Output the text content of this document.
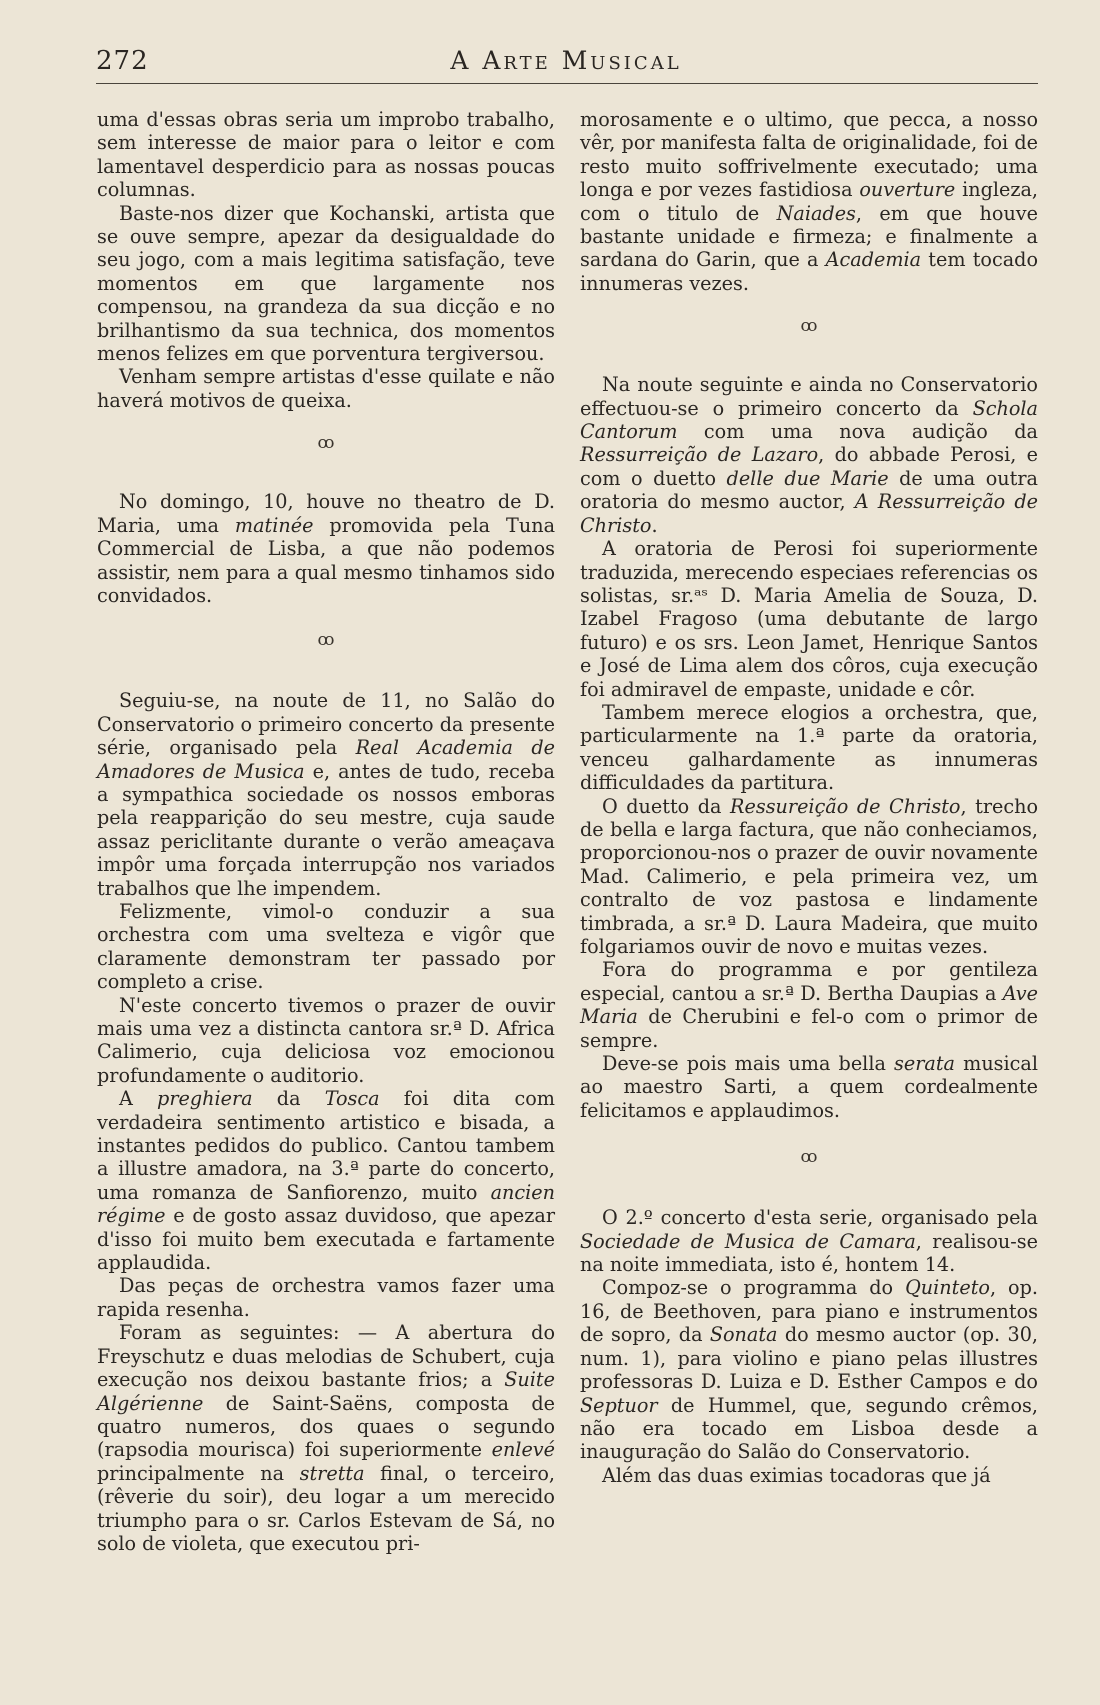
272	A Arte Musical

uma d'essas obras seria um improbo trabalho, sem interesse de maior para o leitor e com lamentavel desperdicio para as nossas poucas columnas.

Baste-nos dizer que Kochanski, artista que se ouve sempre, apezar da desigualdade do seu jogo, com a mais legitima satisfação, teve momentos em que largamente nos compensou, na grandeza da sua dicção e no brilhantismo da sua technica, dos momentos menos felizes em que porventura tergiversou.

Venham sempre artistas d'esse quilate e não haverá motivos de queixa.

ꝏ

No domingo, 10, houve no theatro de D. Maria, uma matinée promovida pela Tuna Commercial de Lisba, a que não podemos assistir, nem para a qual mesmo tinhamos sido convidados.

ꝏ

Seguiu-se, na noute de 11, no Salão do Conservatorio o primeiro concerto da presente série, organisado pela Real Academia de Amadores de Musica e, antes de tudo, receba a sympathica sociedade os nossos emboras pela reapparição do seu mestre, cuja saude assaz periclitante durante o verão ameaçava impôr uma forçada interrupção nos variados trabalhos que lhe impendem.

Felizmente, vimol-o conduzir a sua orchestra com uma svelteza e vigôr que claramente demonstram ter passado por completo a crise.

N'este concerto tivemos o prazer de ouvir mais uma vez a distincta cantora sr.ª D. Africa Calimerio, cuja deliciosa voz emocionou profundamente o auditorio.

A preghiera da Tosca foi dita com verdadeira sentimento artistico e bisada, a instantes pedidos do publico. Cantou tambem a illustre amadora, na 3.ª parte do concerto, uma romanza de Sanfiorenzo, muito ancien régime e de gosto assaz duvidoso, que apezar d'isso foi muito bem executada e fartamente applaudida.

Das peças de orchestra vamos fazer uma rapida resenha.

Foram as seguintes: — A abertura do Freyschutz e duas melodias de Schubert, cuja execução nos deixou bastante frios; a Suite Algérienne de Saint-Saëns, composta de quatro numeros, dos quaes o segundo (rapsodia mourisca) foi superiormente enlevé principalmente na stretta final, o terceiro, (rêverie du soir), deu logar a um merecido triumpho para o sr. Carlos Estevam de Sá, no solo de violeta, que executou pri-

morosamente e o ultimo, que pecca, a nosso vêr, por manifesta falta de originalidade, foi de resto muito soffrivelmente executado; uma longa e por vezes fastidiosa ouverture ingleza, com o titulo de Naiades, em que houve bastante unidade e firmeza; e finalmente a sardana do Garin, que a Academia tem tocado innumeras vezes.

ꝏ

Na noute seguinte e ainda no Conservatorio effectuou-se o primeiro concerto da Schola Cantorum com uma nova audição da Ressurreição de Lazaro, do abbade Perosi, e com o duetto delle due Marie de uma outra oratoria do mesmo auctor, A Ressurreição de Christo.

A oratoria de Perosi foi superiormente traduzida, merecendo especiaes referencias os solistas, sr.ᵃˢ D. Maria Amelia de Souza, D. Izabel Fragoso (uma debutante de largo futuro) e os srs. Leon Jamet, Henrique Santos e José de Lima alem dos côros, cuja execução foi admiravel de empaste, unidade e côr.

Tambem merece elogios a orchestra, que, particularmente na 1.ª parte da oratoria, venceu galhardamente as innumeras difficuldades da partitura.

O duetto da Ressureição de Christo, trecho de bella e larga factura, que não conheciamos, proporcionou-nos o prazer de ouvir novamente Mad. Calimerio, e pela primeira vez, um contralto de voz pastosa e lindamente timbrada, a sr.ª D. Laura Madeira, que muito folgariamos ouvir de novo e muitas vezes.

Fora do programma e por gentileza especial, cantou a sr.ª D. Bertha Daupias a Ave Maria de Cherubini e fel-o com o primor de sempre.

Deve-se pois mais uma bella serata musical ao maestro Sarti, a quem cordealmente felicitamos e applaudimos.

ꝏ

O 2.º concerto d'esta serie, organisado pela Sociedade de Musica de Camara, realisou-se na noite immediata, isto é, hontem 14.

Compoz-se o programma do Quinteto, op. 16, de Beethoven, para piano e instrumentos de sopro, da Sonata do mesmo auctor (op. 30, num. 1), para violino e piano pelas illustres professoras D. Luiza e D. Esther Campos e do Septuor de Hummel, que, segundo crêmos, não era tocado em Lisboa desde a inauguração do Salão do Conservatorio.

Além das duas eximias tocadoras que já
